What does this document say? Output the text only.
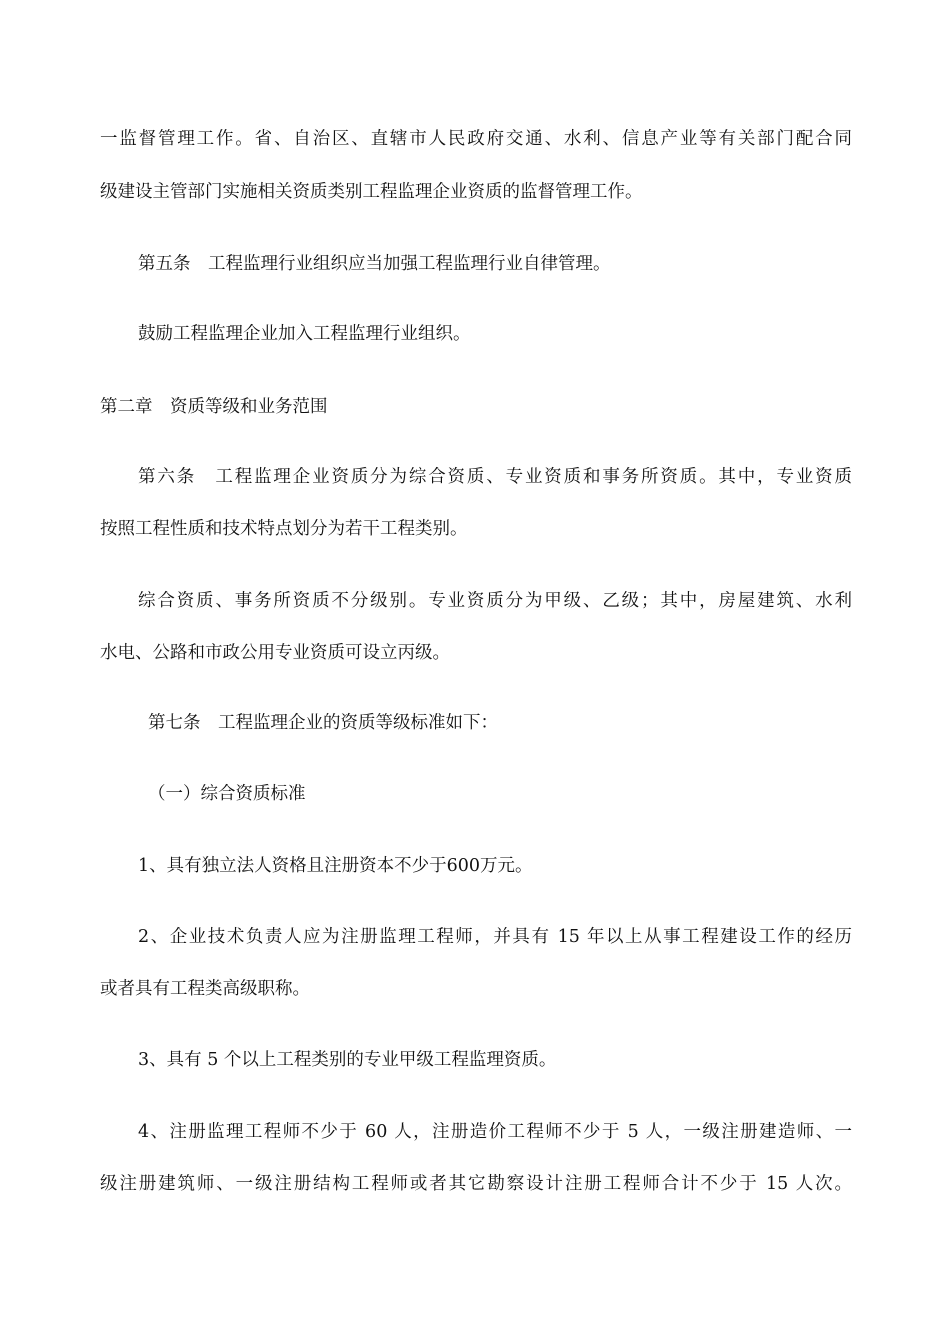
一监督管理工作。省、自治区、直辖市人民政府交通、水利、信息产业等有关部门配合同
级建设主管部门实施相关资质类别工程监理企业资质的监督管理工作。
第五条　工程监理行业组织应当加强工程监理行业自律管理。
鼓励工程监理企业加入工程监理行业组织。
第二章　资质等级和业务范围
第六条　工程监理企业资质分为综合资质、专业资质和事务所资质。其中，专业资质
按照工程性质和技术特点划分为若干工程类别。
综合资质、事务所资质不分级别。专业资质分为甲级、乙级；其中，房屋建筑、水利
水电、公路和市政公用专业资质可设立丙级。
第七条　工程监理企业的资质等级标准如下：
（一）综合资质标准
1、具有独立法人资格且注册资本不少于600万元。
2、企业技术负责人应为注册监理工程师，并具有 15 年以上从事工程建设工作的经历
或者具有工程类高级职称。
3、具有 5 个以上工程类别的专业甲级工程监理资质。
4、注册监理工程师不少于 60 人，注册造价工程师不少于 5 人，一级注册建造师、一
级注册建筑师、一级注册结构工程师或者其它勘察设计注册工程师合计不少于 15 人次。
